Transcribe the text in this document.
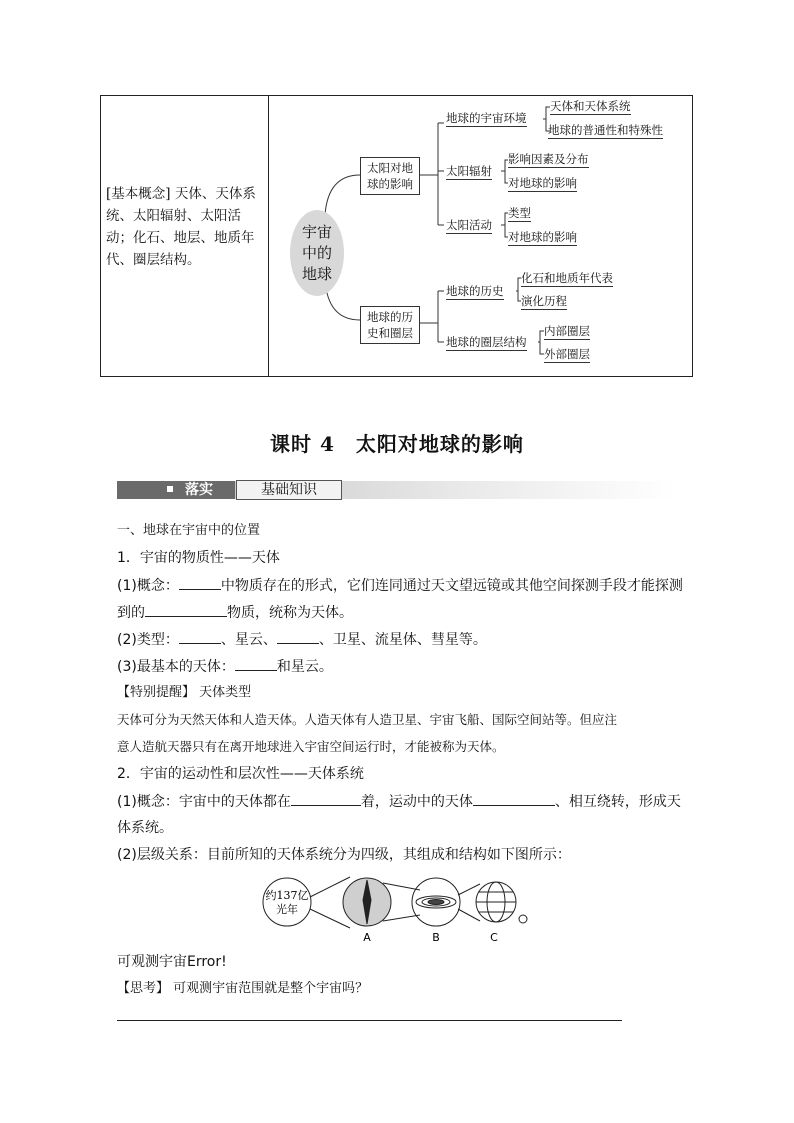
[基本概念] 天体、天体系统、太阳辐射、太阳活动；化石、地层、地质年代、圈层结构。
宇宙
中的
地球
太阳对地
球的影响
地球的历
史和圈层
地球的宇宙环境
天体和天体系统
地球的普通性和特殊性
太阳辐射
影响因素及分布
对地球的影响
太阳活动
类型
对地球的影响
地球的历史
化石和地质年代表
演化历程
地球的圈层结构
内部圈层
外部圈层
课时 4　太阳对地球的影响
落实	基础知识
一、地球在宇宙中的位置
1．宇宙的物质性——天体
(1)概念：	中物质存在的形式，它们连同通过天文望远镜或其他空间探测手段才能探测
到的	物质，统称为天体。
(2)类型：	、星云、	、卫星、流星体、彗星等。
(3)最基本的天体：	和星云。
【特别提醒】 天体类型
天体可分为天然天体和人造天体。人造天体有人造卫星、宇宙飞船、国际空间站等。但应注
意人造航天器只有在离开地球进入宇宙空间运行时，才能被称为天体。
2．宇宙的运动性和层次性——天体系统
(1)概念：宇宙中的天体都在	着，运动中的天体	、相互绕转，形成天
体系统。
(2)层级关系：目前所知的天体系统分为四级，其组成和结构如下图所示：
约137亿
光年
A	B	C
可观测宇宙Error!
【思考】 可观测宇宙范围就是整个宇宙吗？
